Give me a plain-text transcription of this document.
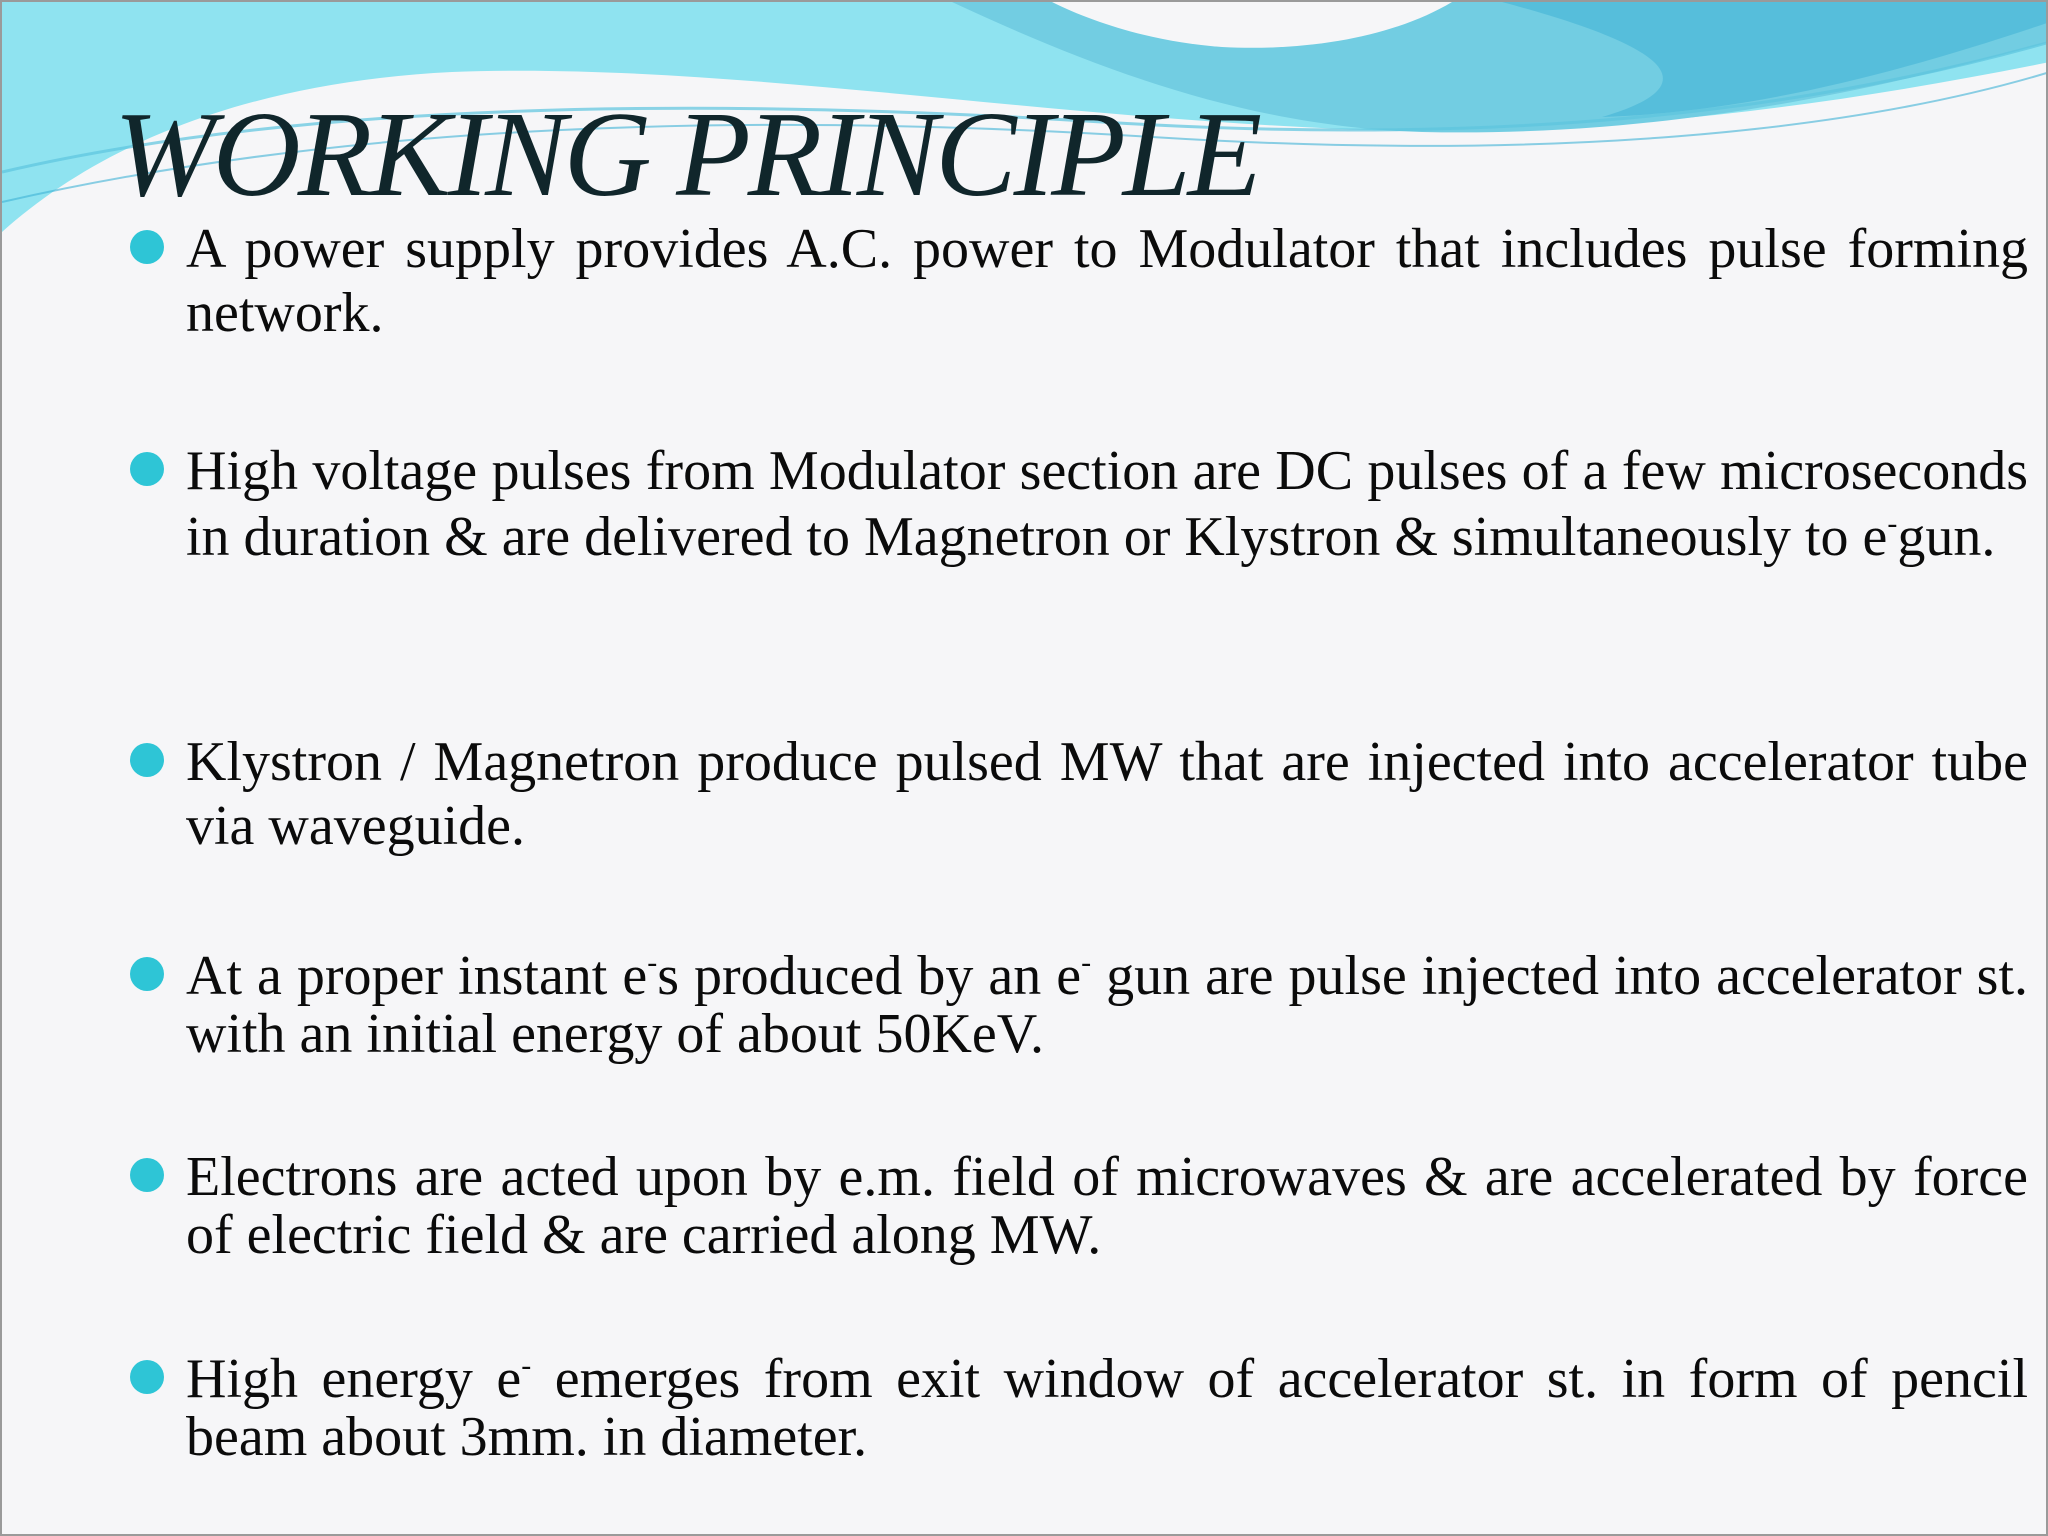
WORKING PRINCIPLE
A power supply provides A.C. power to Modulator that includes pulse forming network.
High voltage pulses from Modulator section are DC pulses of a few microseconds in duration & are delivered to Magnetron or Klystron & simultaneously to e-gun.
Klystron / Magnetron produce pulsed MW that are injected into accelerator tube via waveguide.
At a proper instant e-s produced by an e- gun are pulse injected into accelerator st. with an initial energy of about 50KeV.
Electrons are acted upon by e.m. field of microwaves & are accelerated by force of electric field & are carried along MW.
High energy e- emerges from exit window of accelerator st. in form of pencil beam about 3mm. in diameter.
